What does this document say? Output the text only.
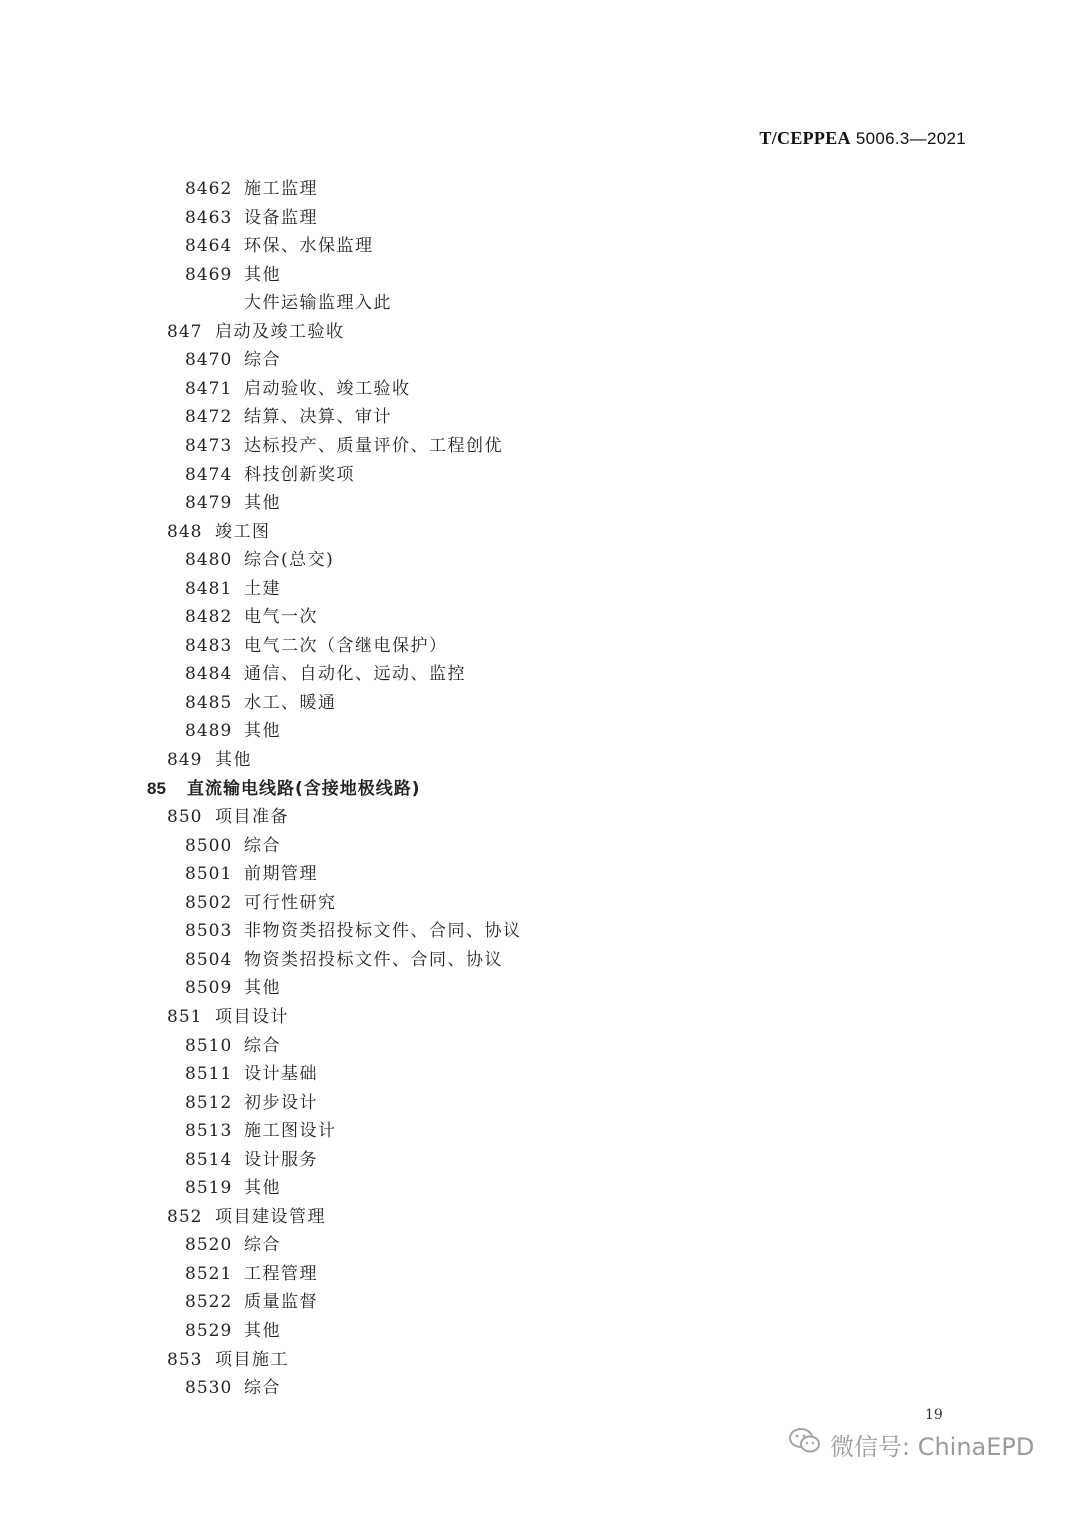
T/CEPPEA 5006.3—2021
8462 施工监理
8463 设备监理
8464 环保、水保监理
8469 其他
大件运输监理入此
847 启动及竣工验收
8470 综合
8471 启动验收、竣工验收
8472 结算、决算、审计
8473 达标投产、质量评价、工程创优
8474 科技创新奖项
8479 其他
848 竣工图
8480 综合(总交)
8481 土建
8482 电气一次
8483 电气二次（含继电保护）
8484 通信、自动化、远动、监控
8485 水工、暖通
8489 其他
849 其他
85 直流输电线路(含接地极线路)
850 项目准备
8500 综合
8501 前期管理
8502 可行性研究
8503 非物资类招投标文件、合同、协议
8504 物资类招投标文件、合同、协议
8509 其他
851 项目设计
8510 综合
8511 设计基础
8512 初步设计
8513 施工图设计
8514 设计服务
8519 其他
852 项目建设管理
8520 综合
8521 工程管理
8522 质量监督
8529 其他
853 项目施工
8530 综合
19
微信号: ChinaEPD
